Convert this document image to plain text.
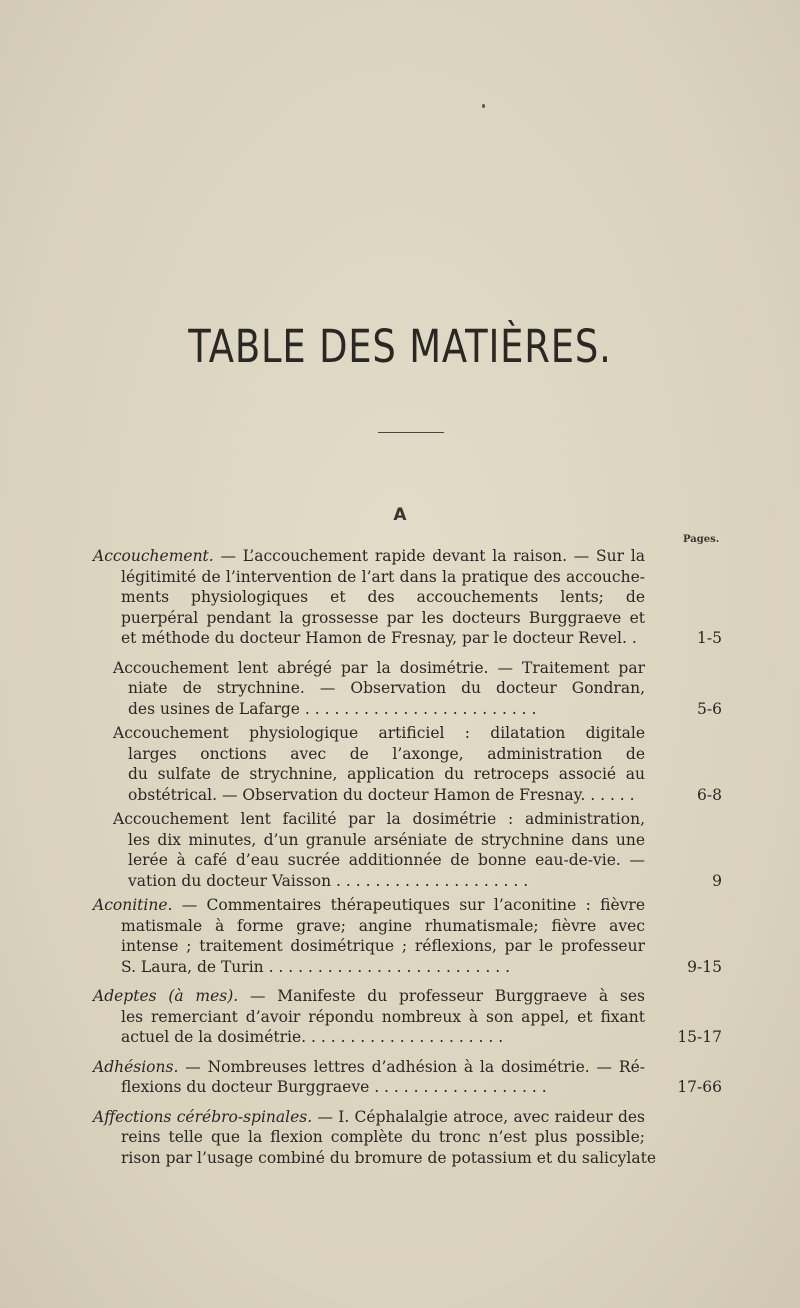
TABLE DES MATIÈRES.
A
Pages.
Accouchement. — L’accouchement rapide devant la raison. — Sur la
légitimité de l’intervention de l’art dans la pratique des accouche-
ments physiologiques et des accouchements lents; de
puerpéral pendant la grossesse par les docteurs Burggraeve et
et méthode du docteur Hamon de Fresnay, par le docteur Revel. .	1-5
Accouchement lent abrégé par la dosimétrie. — Traitement par
niate de strychnine. — Observation du docteur Gondran,
des usines de Lafarge . . . . . . . . . . . . . . . . . . . . . . . .	5-6
Accouchement physiologique artificiel : dilatation digitale
larges onctions avec de l’axonge, administration de
du sulfate de strychnine, application du retroceps associé au
obstétrical. — Observation du docteur Hamon de Fresnay. . . . . .	6-8
Accouchement lent facilité par la dosimétrie : administration,
les dix minutes, d’un granule arséniate de strychnine dans une
lerée à café d’eau sucrée additionnée de bonne eau-de-vie. —
vation du docteur Vaisson . . . . . . . . . . . . . . . . . . . .	9
Aconitine. — Commentaires thérapeutiques sur l’aconitine : fièvre
matismale à forme grave; angine rhumatismale; fièvre avec
intense ; traitement dosimétrique ; réflexions, par le professeur
S. Laura, de Turin . . . . . . . . . . . . . . . . . . . . . . . . .	9-15
Adeptes (à mes). — Manifeste du professeur Burggraeve à ses
les remerciant d’avoir répondu nombreux à son appel, et fixant
actuel de la dosimétrie. . . . . . . . . . . . . . . . . . . . .	15-17
Adhésions. — Nombreuses lettres d’adhésion à la dosimétrie. — Ré-
flexions du docteur Burggraeve . . . . . . . . . . . . . . . . . .	17-66
Affections cérébro-spinales. — I. Céphalalgie atroce, avec raideur des
reins telle que la flexion complète du tronc n’est plus possible;
rison par l’usage combiné du bromure de potassium et du salicylate
